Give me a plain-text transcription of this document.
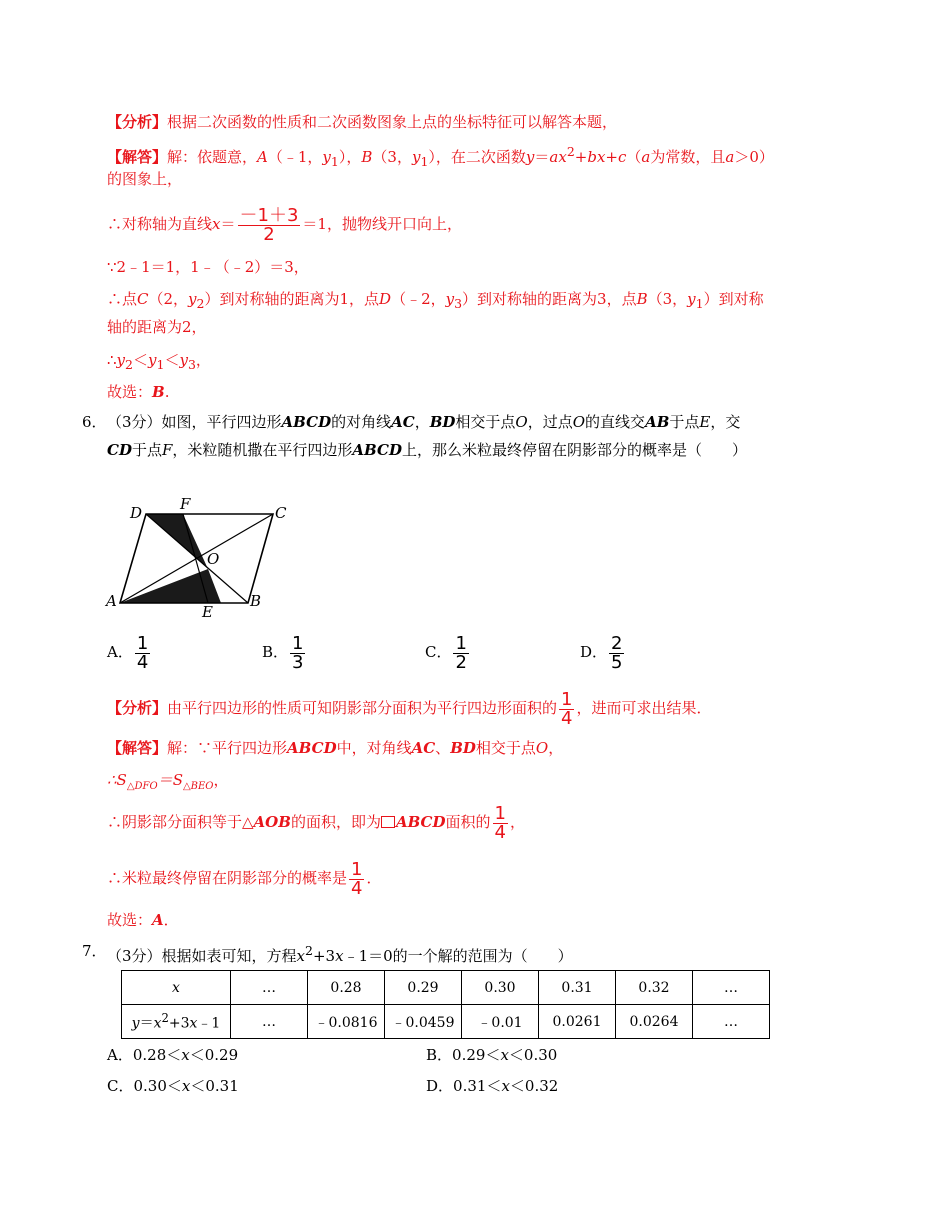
【分析】根据二次函数的性质和二次函数图象上点的坐标特征可以解答本题，
【解答】解：依题意，A（﹣1，$y_1$），B（3，$y_1$），在二次函数$y=ax^2+bx+c(a$为常数，且a＞0）
的图象上，
∴对称轴为直线$x= \frac{-1+3}{2} =1$，抛物线开口向上，
∵2﹣1＝1，1﹣（﹣2）＝3，
∴点C（2，$y_2$）到对称轴的距离为1，点D（﹣2，$y_3$）到对称轴的距离为3，点B（3，$y_1$）到对称
轴的距离为2，
$\therefore y_2<y_1<y_3$，
故选：B.
6． （3分）如图，平行四边形ABCD的对角线AC，BD相交于点O，过点O的直线交AB于点E，交
CD于点F，米粒随机撒在平行四边形ABCD上，那么米粒最终停留在阴影部分的概率是（　　）
A	B
C
D
E
F
O
A． $\frac{1}{4}$	B． $\frac{1}{3}$	C． $\frac{1}{2}$	D． $\frac{2}{5}$
【分析】由平行四边形的性质可知阴影部分面积为平行四边形面积的 $\frac{1}{4}$ ，进而可求出结果．
【解答】解：∵平行四边形ABCD中，对角线AC、BD相交于点O，
$\therefore S_{\triangle DFO}=S_{\triangle BEO}$，
∴阴影部分面积等于△AOB的面积，即为 ABCD面积的 $\frac{1}{4}$ ，
∴米粒最终停留在阴影部分的概率是 $\frac{1}{4}$ ．
故选：A．
7． （3分）根据如表可知，方程$x^2+3x﹣1=0$的一个解的范围为（　　）
x	…	0.28	0.29	0.30	0.31	0.32	…
$y=x^2+3x﹣1$	…	﹣0.0816	﹣0.0459	﹣0.01	0.0261	0.0264	…
A．0.28＜x＜0.29	B．0.29＜x＜0.30
C．0.30＜x＜0.31	D．0.31＜x＜0.32
